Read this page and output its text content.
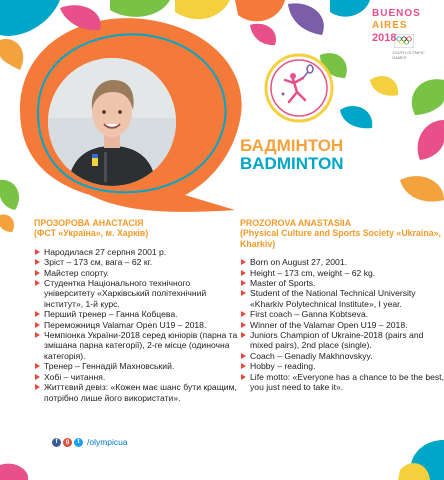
BUENOS
AIRES
2018
YOUTH OLYMPIC GAMES
БАДМІНТОН
BADMINTON
ПРОЗОРОВА АНАСТАСІЯ
(ФСТ «Україна», м. Харків)
Народилася 27 серпня 2001 р.
Зріст – 173 см, вага – 62 кг.
Майстер спорту.
Студентка Національного технічного університету «Харківський політехнічний інститут», 1-й курс.
Перший тренер – Ганна Кобцева.
Переможниця Valamar Open U19 – 2018.
Чемпіонка України-2018 серед юніорів (парна та змішана парна категорії), 2-ге місце (одиночна категорія).
Тренер – Геннадій Махновський.
Хобі – читання.
Життєвий девіз: «Кожен має шанс бути кращим, потрібно лише його використати».
PROZOROVA ANASTASIIA
(Physical Culture and Sports Society «Ukraina», Kharkiv)
Born on August 27, 2001.
Height – 173 cm, weight – 62 kg.
Master of Sports.
Student of the National Technical University «Kharkiv Polytechnical Institute», I year.
First coach – Ganna Kobtseva.
Winner of the Valamar Open U19 – 2018.
Juniors Champion of Ukraine-2018 (pairs and mixed pairs), 2nd place (single).
Coach – Genadiy Makhnovskyy.
Hobby – reading.
Life motto: «Everyone has a chance to be the best, you just need to take it».
f	g	t /olympicua
